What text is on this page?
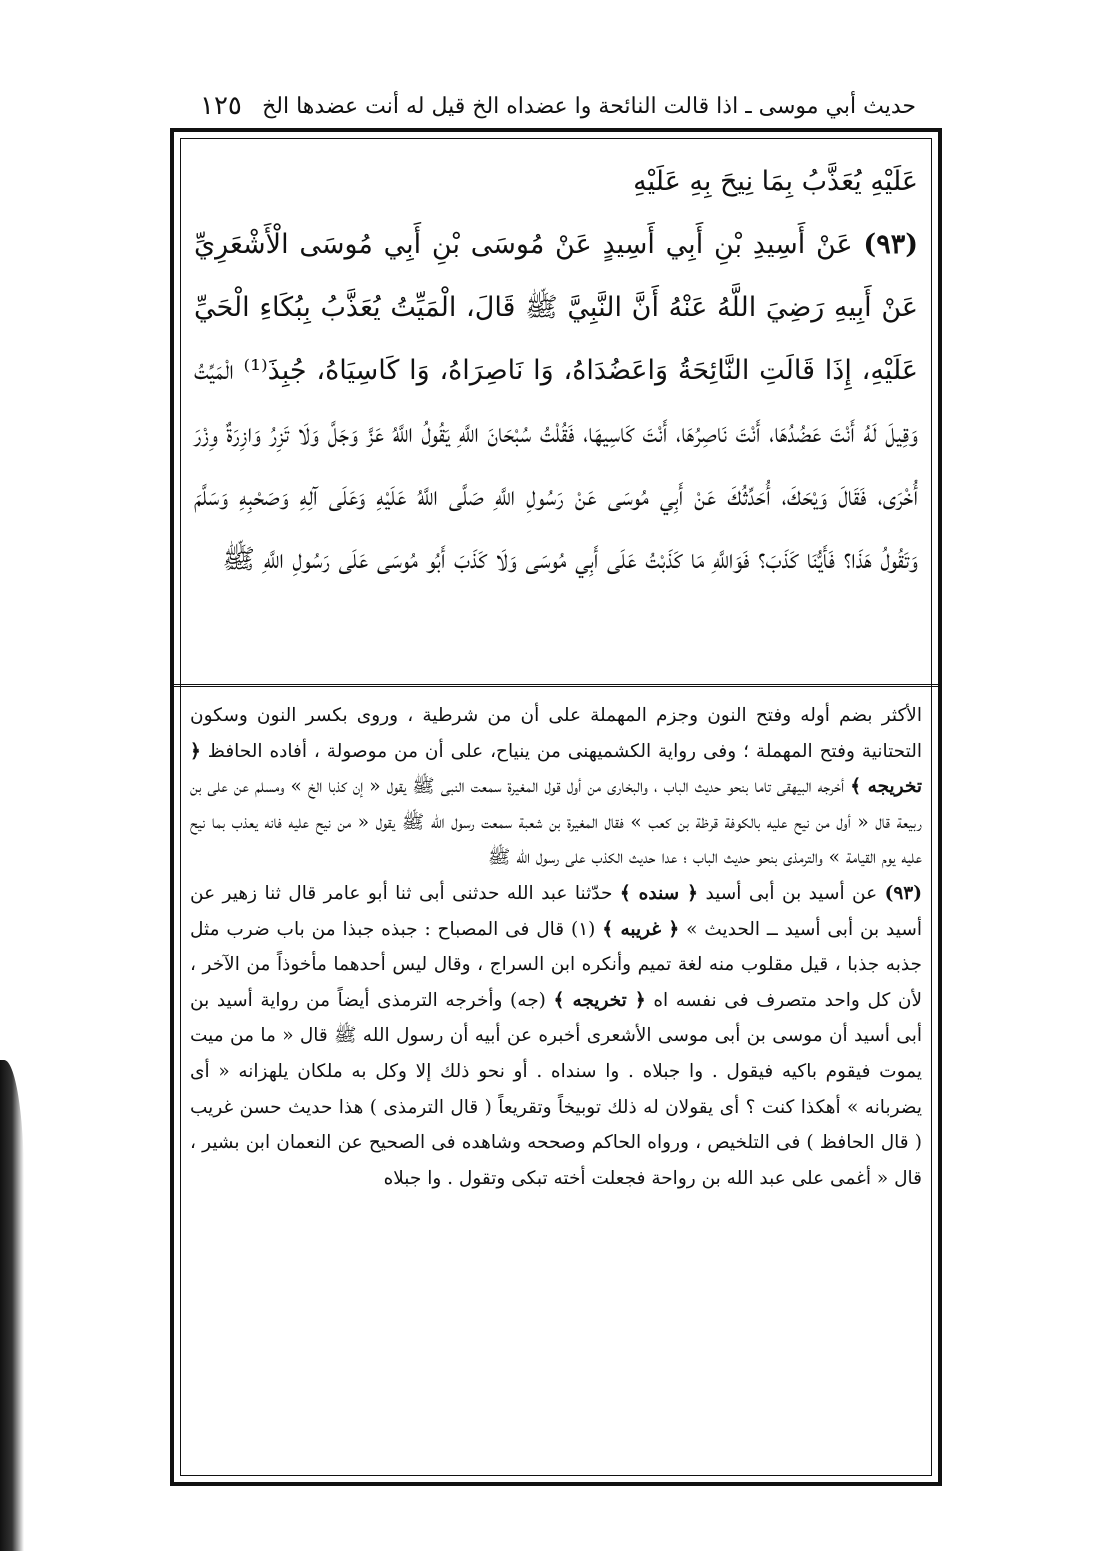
حديث أبي موسى ـ اذا قالت النائحة وا عضداه الخ قيل له أنت عضدها الخ
١٢٥

عَلَيْهِ يُعَذَّبُ بِمَا نِيحَ بِهِ عَلَيْهِ

(٩٣) عَنْ أَسِيدِ بْنِ أَبِي أَسِيدٍ عَنْ مُوسَى بْنِ أَبِي مُوسَى الْأَشْعَرِيِّ عَنْ أَبِيهِ رَضِيَ اللَّهُ عَنْهُ أَنَّ النَّبِيَّ ﷺ قَالَ، الْمَيِّتُ يُعَذَّبُ بِبُكَاءِ الْحَيِّ عَلَيْهِ، إِذَا قَالَتِ النَّائِحَةُ وَاعَضُدَاهُ، وَا نَاصِرَاهُ، وَا كَاسِيَاهُ، جُبِذَ⁽¹⁾ الْمَيِّتُ وَقِيلَ لَهُ أَنْتَ عَضُدُهَا، أَنْتَ نَاصِرُهَا، أَنْتَ كَاسِيهَا، فَقُلْتُ سُبْحَانَ اللَّهِ يَقُولُ اللَّهُ عَزَّ وَجَلَّ وَلَا تَزِرُ وَازِرَةٌ وِزْرَ أُخْرَى، فَقَالَ وَيْحَكَ، أُحَدِّثُكَ عَنْ أَبِي مُوسَى عَنْ رَسُولِ اللَّهِ صَلَّى اللَّهُ عَلَيْهِ وَعَلَى آلِهِ وَصَحْبِهِ وَسَلَّمَ وَتَقُولُ هَذَا؟ فَأَيُّنَا كَذَبَ؟ فَوَاللَّهِ مَا كَذَبْتُ عَلَى أَبِي مُوسَى وَلَا كَذَبَ أَبُو مُوسَى عَلَى رَسُولِ اللَّهِ ﷺ

الأكثر بضم أوله وفتح النون وجزم المهملة على أن من شرطية ، وروى بكسر النون وسكون التحتانية وفتح المهملة ؛ وفى رواية الكشميهنى من ينياح، على أن من موصولة ، أفاده الحافظ ﴿ تخريجه ﴾ أخرجه البيهقى تاما بنحو حديث الباب ، والبخارى من أول قول المغيرة سمعت النبى ﷺ يقول « إن كذبا الخ » ومسلم عن على بن ربيعة قال « أول من نيح عليه بالكوفة قرظة بن كعب » فقال المغيرة بن شعبة سمعت رسول الله ﷺ يقول « من نيح عليه فانه يعذب بما نيح عليه يوم القيامة » والترمذى بنحو حديث الباب ؛ عدا حديث الكذب على رسول الله ﷺ

(٩٣) عن أسيد بن أبى أسيد ﴿ سنده ﴾ حدّثنا عبد الله حدثنى أبى ثنا أبو عامر قال ثنا زهير عن أسيد بن أبى أسيد ــ الحديث » ﴿ غريبه ﴾ (١) قال فى المصباح : جبذه جبذا من باب ضرب مثل جذبه جذبا ، قيل مقلوب منه لغة تميم وأنكره ابن السراج ، وقال ليس أحدهما مأخوذاً من الآخر ، لأن كل واحد متصرف فى نفسه اه ﴿ تخريجه ﴾ (جه) وأخرجه الترمذى أيضاً من رواية أسيد بن أبى أسيد أن موسى بن أبى موسى الأشعرى أخبره عن أبيه أن رسول الله ﷺ قال « ما من ميت يموت فيقوم باكيه فيقول . وا جبلاه . وا سنداه . أو نحو ذلك إلا وكل به ملكان يلهزانه « أى يضربانه » أهكذا كنت ؟ أى يقولان له ذلك توبيخاً وتقريعاً ( قال الترمذى ) هذا حديث حسن غريب ( قال الحافظ ) فى التلخيص ، ورواه الحاكم وصححه وشاهده فى الصحيح عن النعمان ابن بشير ، قال « أغمى على عبد الله بن رواحة فجعلت أخته تبكى وتقول . وا جبلاه
